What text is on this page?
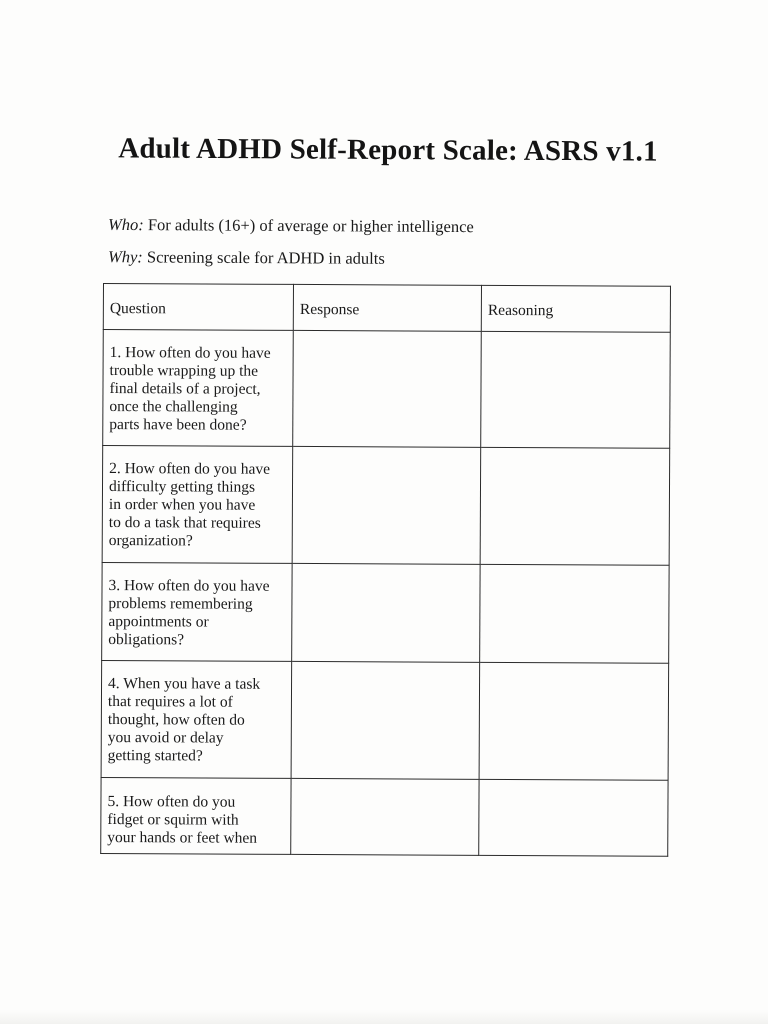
Adult ADHD Self-Report Scale: ASRS v1.1
Who: For adults (16+) of average or higher intelligence
Why: Screening scale for ADHD in adults
Question	Response	Reasoning

1. How often do you have
trouble wrapping up the
final details of a project,
once the challenging
parts have been done?		

2. How often do you have
difficulty getting things
in order when you have
to do a task that requires
organization?		

3. How often do you have
problems remembering
appointments or
obligations?		

4. When you have a task
that requires a lot of
thought, how often do
you avoid or delay
getting started?		

5. How often do you
fidget or squirm with
your hands or feet when		
